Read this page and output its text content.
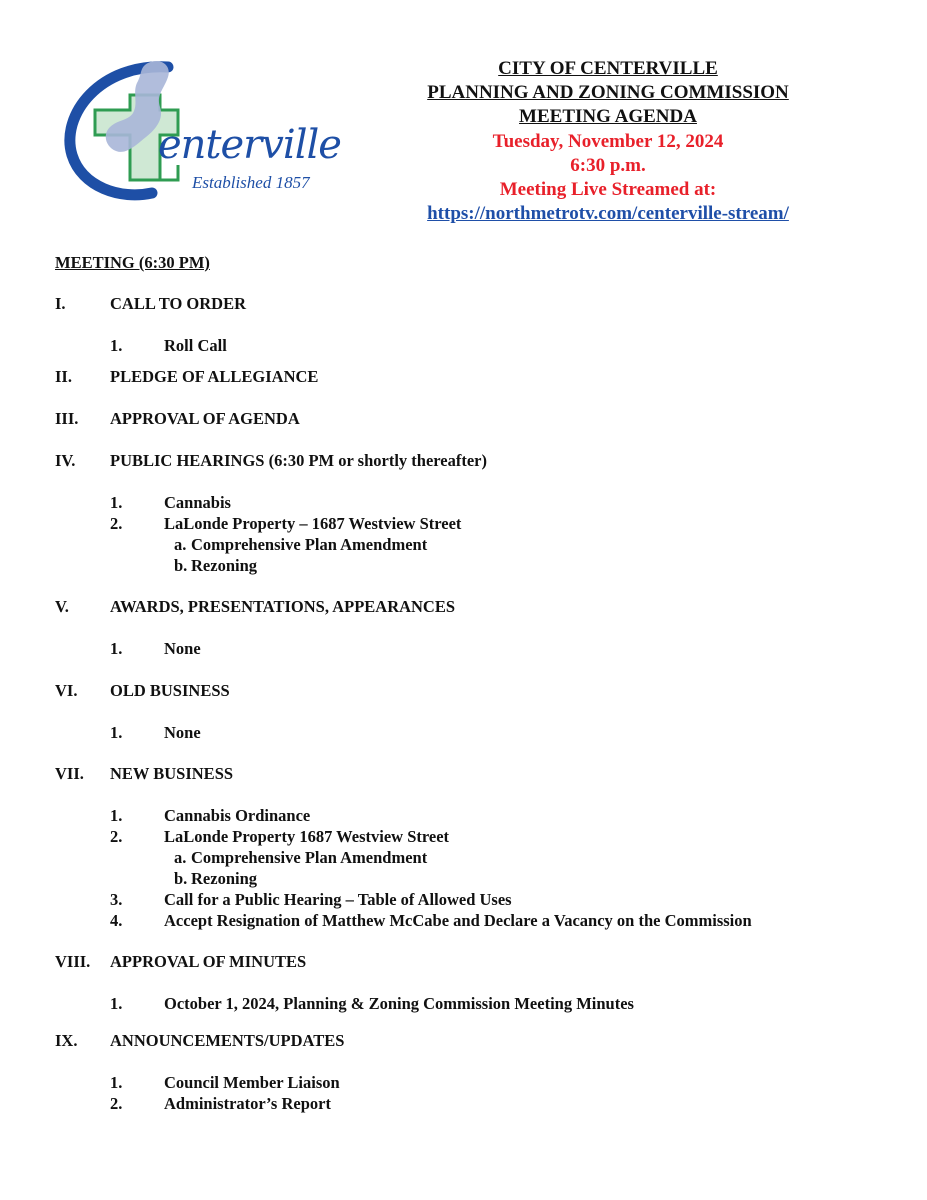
enterville
Established 1857
CITY OF CENTERVILLE
PLANNING AND ZONING COMMISSION
MEETING AGENDA
Tuesday, November 12, 2024
6:30 p.m.
Meeting Live Streamed at:
https://northmetrotv.com/centerville-stream/
MEETING (6:30 PM)
I.	CALL TO ORDER
1.	Roll Call
II. PLEDGE OF ALLEGIANCE
III. APPROVAL OF AGENDA
IV. PUBLIC HEARINGS (6:30 PM or shortly thereafter)
1.	Cannabis
2.	LaLonde Property – 1687 Westview Street
a. Comprehensive Plan Amendment
b. Rezoning
V. AWARDS, PRESENTATIONS, APPEARANCES
1.	None
VI. OLD BUSINESS
1.	None
VII. NEW BUSINESS
1.	Cannabis Ordinance
2.	LaLonde Property 1687 Westview Street
a. Comprehensive Plan Amendment
b. Rezoning
3.	Call for a Public Hearing – Table of Allowed Uses
4.	Accept Resignation of Matthew McCabe and Declare a Vacancy on the Commission
VIII. APPROVAL OF MINUTES
1.	October 1, 2024, Planning & Zoning Commission Meeting Minutes
IX. ANNOUNCEMENTS/UPDATES
1.	Council Member Liaison
2.	Administrator’s Report
